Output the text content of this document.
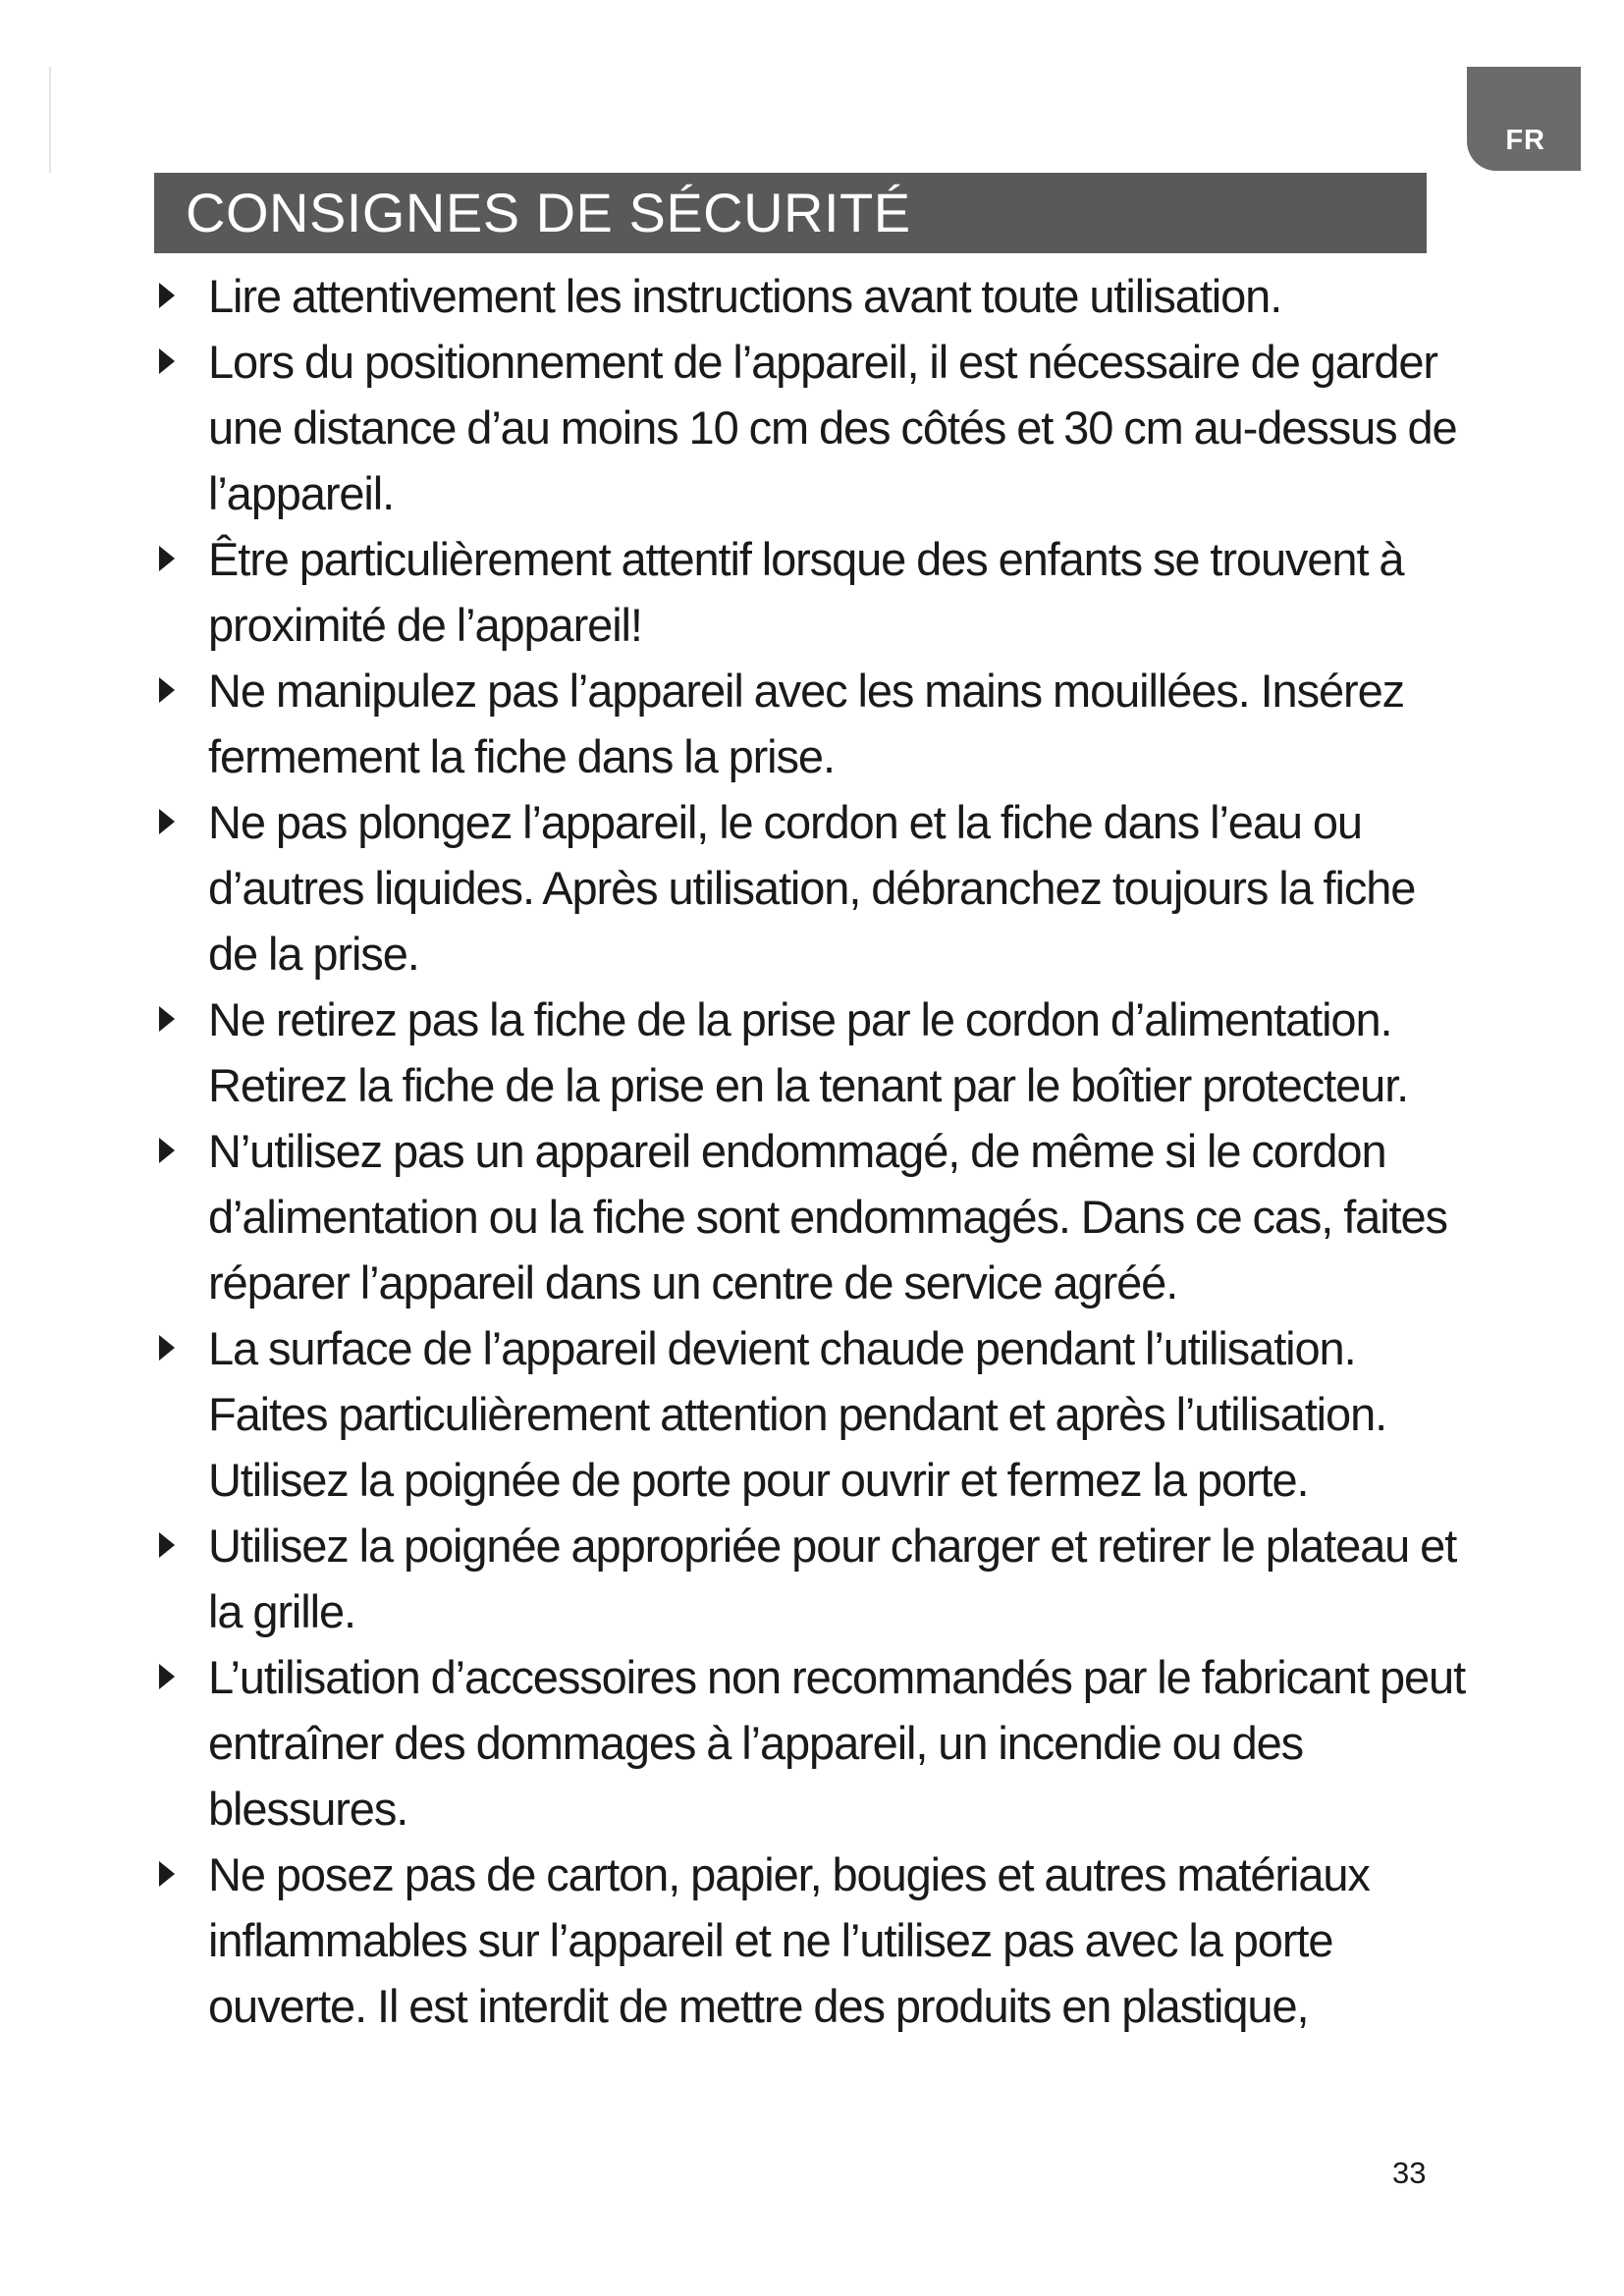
FR
CONSIGNES DE SÉCURITÉ
Lire attentivement les instructions avant toute utilisation.
Lors du positionnement de l’appareil, il est nécessaire de garder une distance d’au moins 10 cm des côtés et 30 cm au-dessus de l’appareil.
Être particulièrement attentif lorsque des enfants se trouvent à proximité de l’appareil!
Ne manipulez pas l’appareil avec les mains mouillées. Insérez fermement la fiche dans la prise.
Ne pas plongez l’appareil, le cordon et la fiche dans l’eau ou d’autres liquides. Après utilisation, débranchez toujours la fiche de la prise.
Ne retirez pas la fiche de la prise par le cordon d’alimentation. Retirez la fiche de la prise en la tenant par le boîtier protecteur.
N’utilisez pas un appareil endommagé, de même si le cordon d’alimentation ou la fiche sont endommagés. Dans ce cas, faites réparer l’appareil dans un centre de service agréé.
La surface de l’appareil devient chaude pendant l’utilisation. Faites particulièrement attention pendant et après l’utilisation. Utilisez la poignée de porte pour ouvrir et fermez la porte.
Utilisez la poignée appropriée pour charger et retirer le plateau et la grille.
L’utilisation d’accessoires non recommandés par le fabricant peut entraîner des dommages à l’appareil, un incendie ou des blessures.
Ne posez pas de carton, papier, bougies et autres matériaux inflammables sur l’appareil et ne l’utilisez pas avec la porte ouverte. Il est interdit de mettre des produits en plastique,
33
